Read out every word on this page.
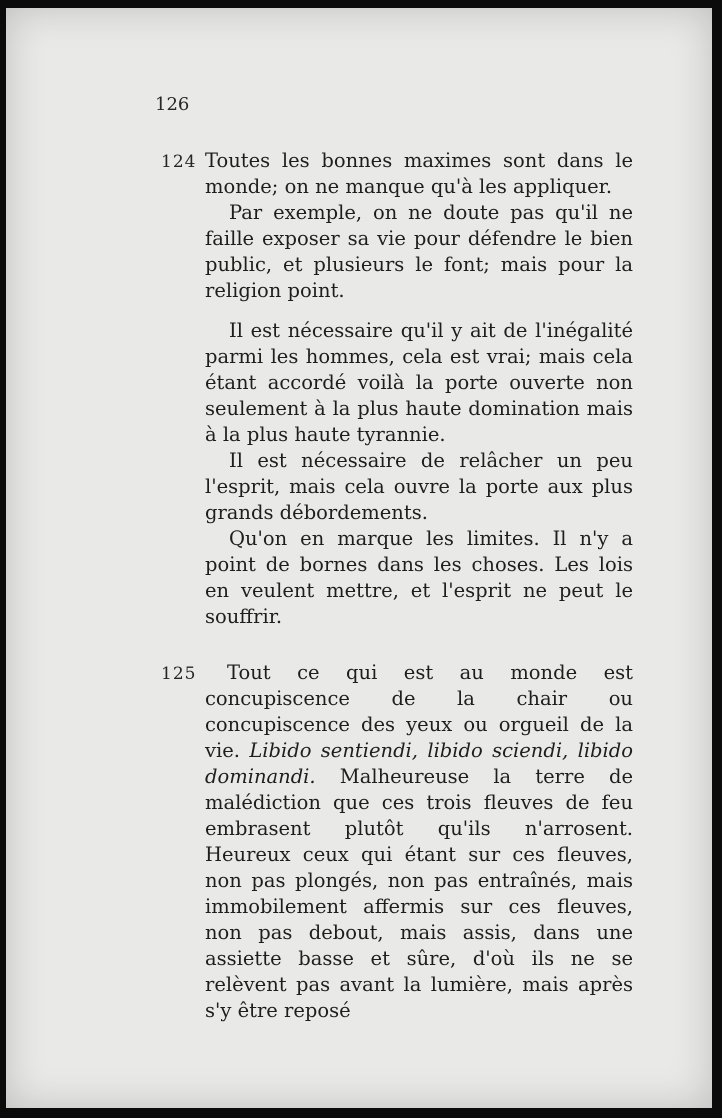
126
124 Toutes les bonnes maximes sont dans le monde; on ne manque qu'à les appliquer.

Par exemple, on ne doute pas qu'il ne faille exposer sa vie pour défendre le bien public, et plusieurs le font; mais pour la religion point.

Il est nécessaire qu'il y ait de l'inégalité parmi les hommes, cela est vrai; mais cela étant accordé voilà la porte ouverte non seulement à la plus haute domination mais à la plus haute tyrannie.

Il est nécessaire de relâcher un peu l'esprit, mais cela ouvre la porte aux plus grands débordements.

Qu'on en marque les limites. Il n'y a point de bornes dans les choses. Les lois en veulent mettre, et l'esprit ne peut le souffrir.

125	Tout ce qui est au monde est concupiscence de la chair ou concupiscence des yeux ou orgueil de la vie. Libido sentiendi, libido sciendi, libido dominandi. Malheureuse la terre de malédiction que ces trois fleuves de feu embrasent plutôt qu'ils n'arrosent. Heureux ceux qui étant sur ces fleuves, non pas plongés, non pas entraînés, mais immobilement affermis sur ces fleuves, non pas debout, mais assis, dans une assiette basse et sûre, d'où ils ne se relèvent pas avant la lumière, mais après s'y être reposé
